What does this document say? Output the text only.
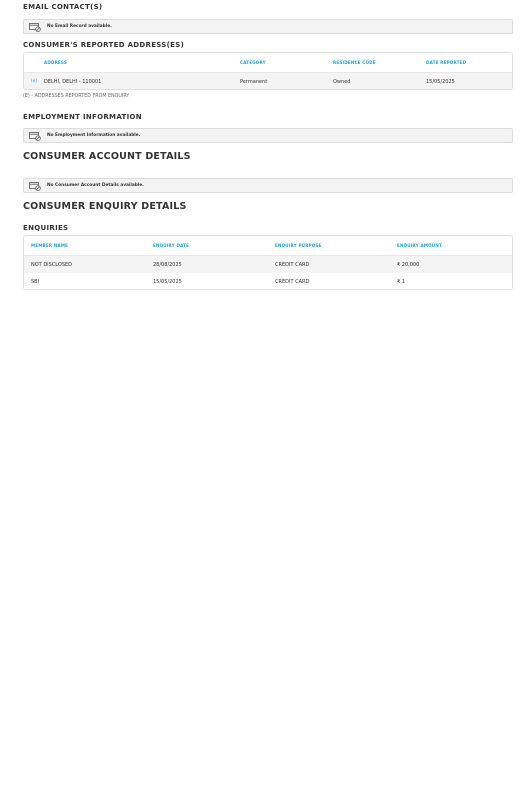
EMAIL CONTACT(S)
No Email Record available.
CONSUMER'S REPORTED ADDRESS(ES)
ADDRESS	CATEGORY	RESIDENCE CODE	DATE REPORTED
(e)	DELHI, DELHI - 110001	Permanent	Owned	15/05/2025
(E) - ADDRESSES REPORTED FROM ENQUIRY
EMPLOYMENT INFORMATION
No Employment Information available.
CONSUMER ACCOUNT DETAILS
No Consumer Account Details available.
CONSUMER ENQUIRY DETAILS
ENQUIRIES
MEMBER NAME	ENQUIRY DATE	ENQUIRY PURPOSE	ENQUIRY AMOUNT
NOT DISCLOSED	28/08/2025	CREDIT CARD	₹ 20,000
SBI	15/05/2025	CREDIT CARD	₹ 1
